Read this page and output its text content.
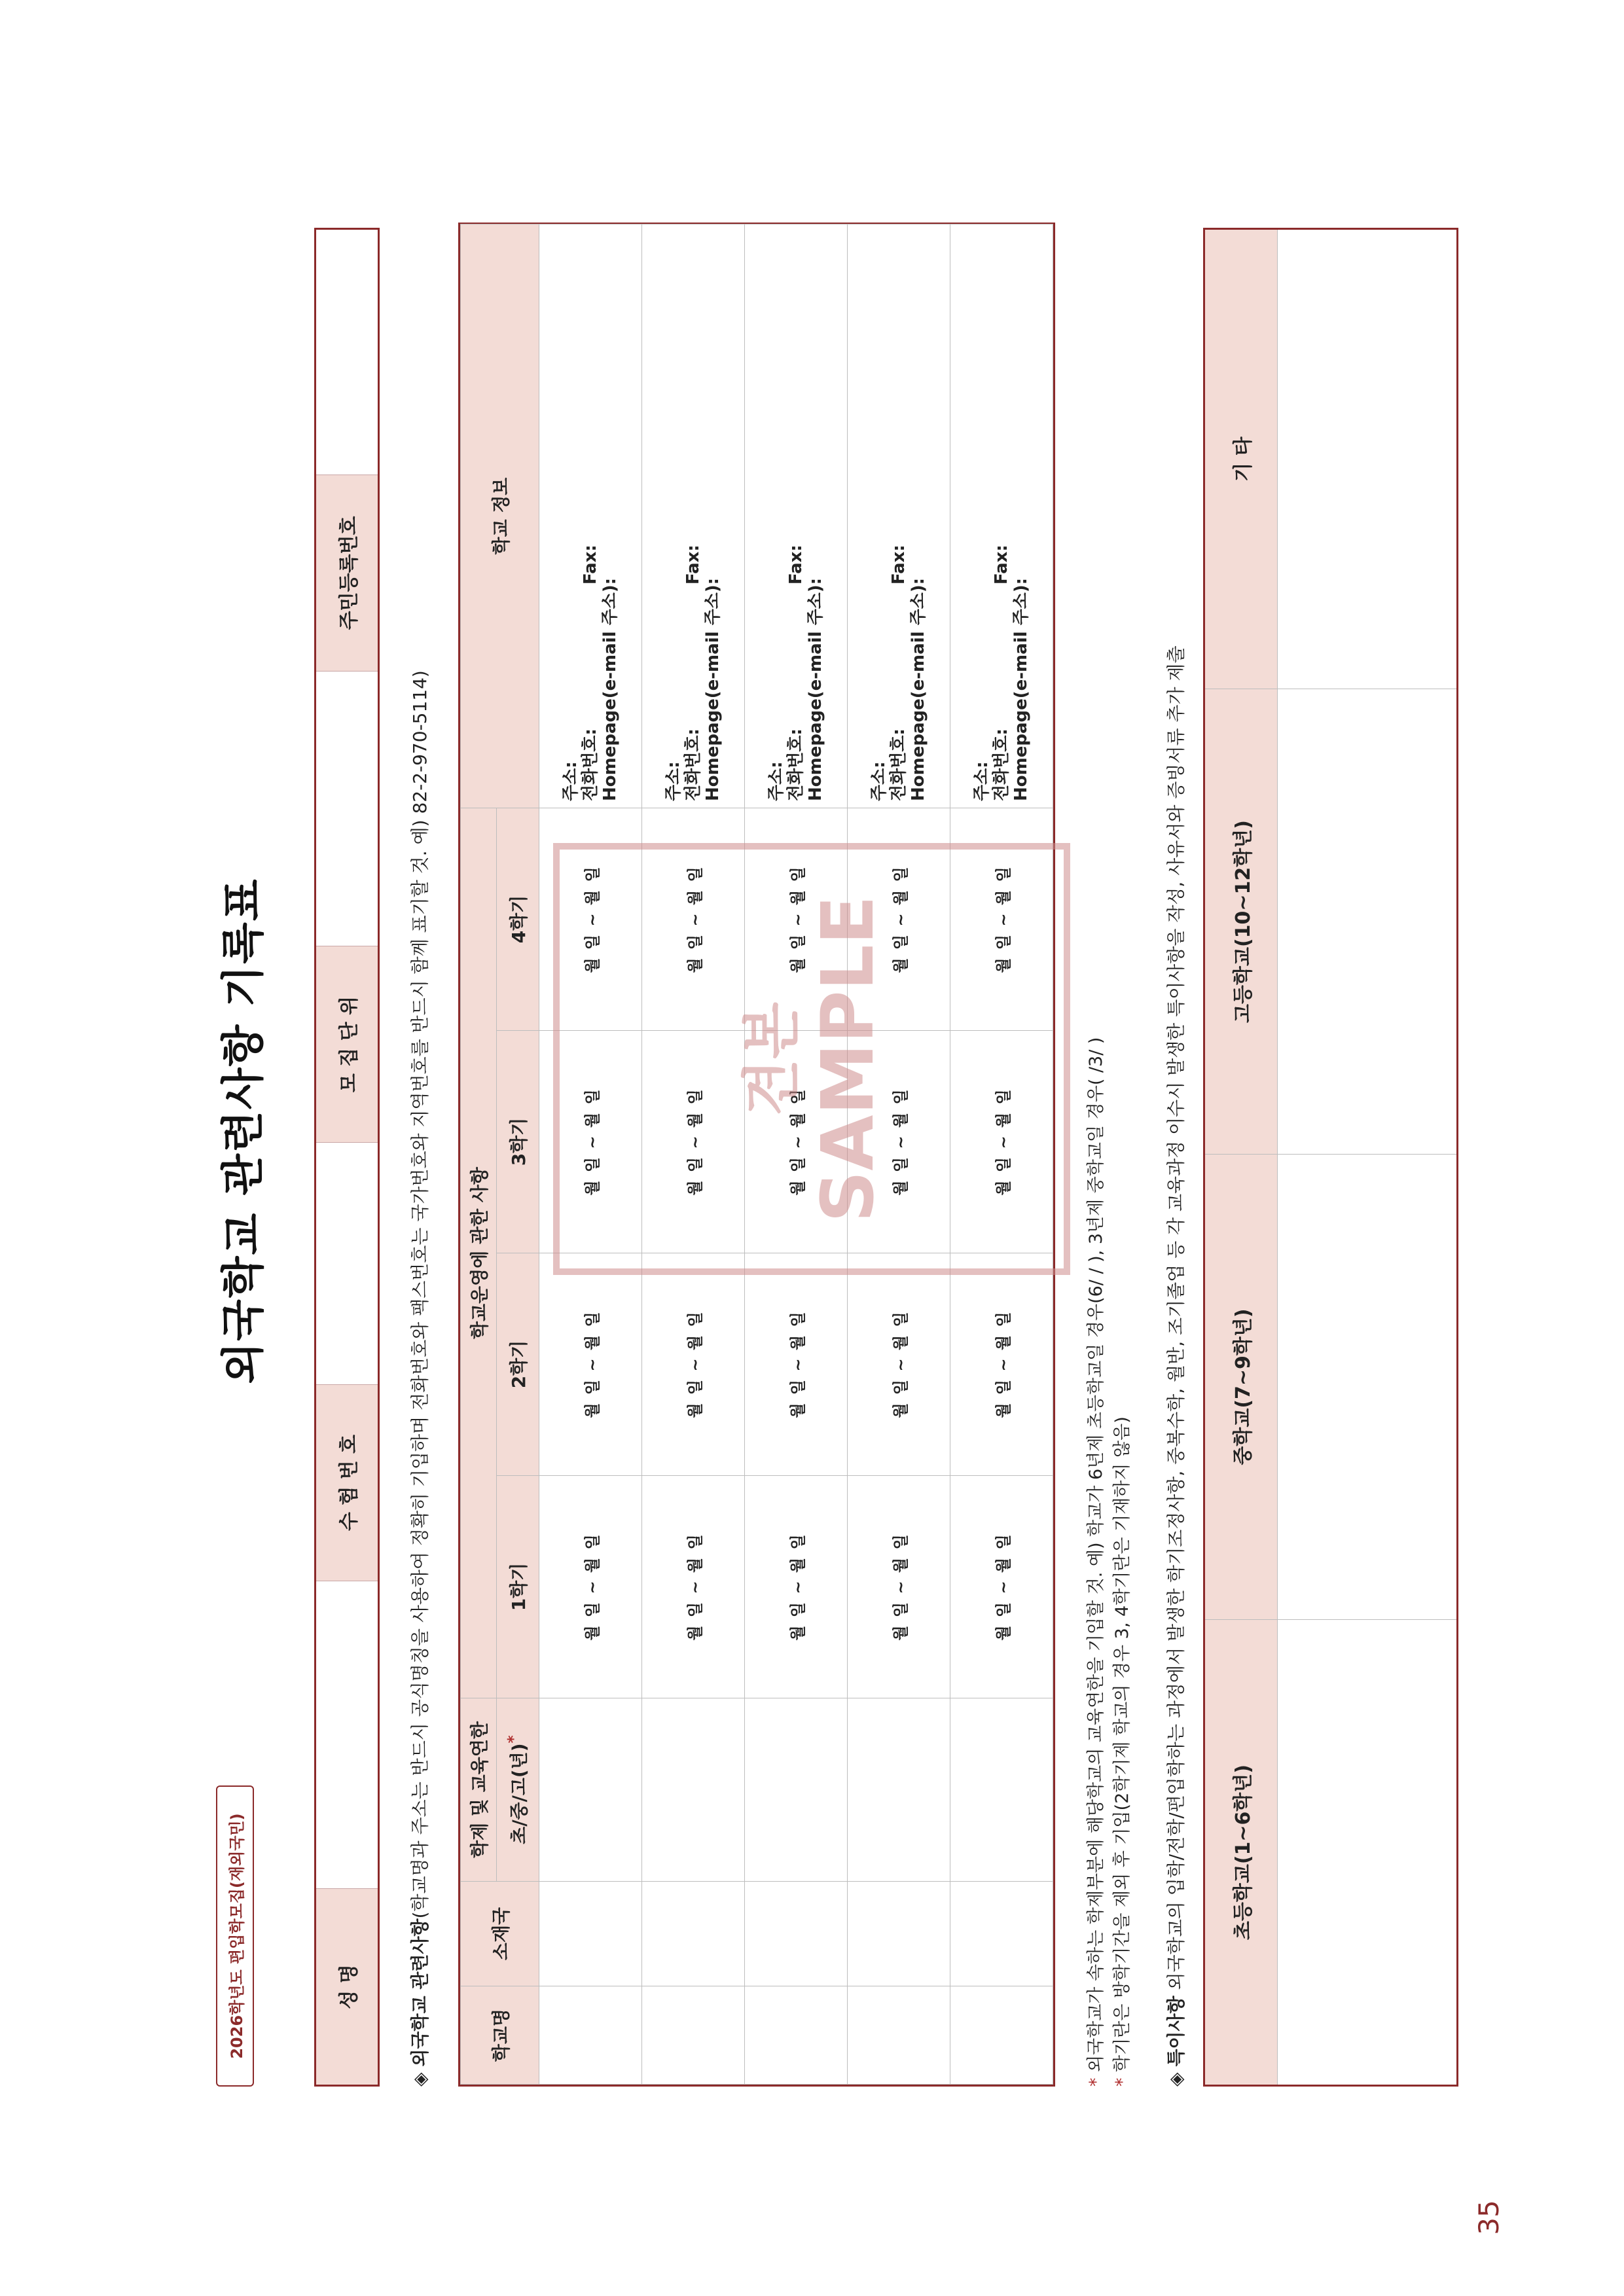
2026학년도 편입학모집(재외국민)
외국학교 관련사항 기록표
성 명
수 험 번 호
모 집 단 위
주민등록번호
◈ 외국학교 관련사항(학교명과 주소는 반드시 공식명칭을 사용하여 정확히 기입하며 전화번호와 팩스번호는 국가번호와 지역번호를 반드시 함께 표기할 것. 예) 82-2-970-5114)
학교명	소재국	학제 및 교육연한	학교운영에 관한 사항				학교 정보
		초/중/고(년)*	1학기	2학기	3학기	4학기	
			월 일 ~ 월 일	월 일 ~ 월 일	월 일 ~ 월 일	월 일 ~ 월 일	주소: 전화번호:Fax:
Homepage(e-mail 주소):

			월 일 ~ 월 일	월 일 ~ 월 일	월 일 ~ 월 일	월 일 ~ 월 일	주소: 전화번호:Fax:
Homepage(e-mail 주소):

			월 일 ~ 월 일	월 일 ~ 월 일	월 일 ~ 월 일	월 일 ~ 월 일	주소: 전화번호:Fax:
Homepage(e-mail 주소):

			월 일 ~ 월 일	월 일 ~ 월 일	월 일 ~ 월 일	월 일 ~ 월 일	주소: 전화번호:Fax:
Homepage(e-mail 주소):

			월 일 ~ 월 일	월 일 ~ 월 일	월 일 ~ 월 일	월 일 ~ 월 일	주소: 전화번호:Fax:
Homepage(e-mail 주소):
견본 SAMPLE
* 외국학교가 속하는 학제부분에 해당학교의 교육연한을 기입할 것. 예) 학교가 6년제 초등학교일 경우(6/ / ), 3년제 중학교일 경우( /3/ )
* 학기란은 방학기간을 제외 후 기입(2학기제 학교의 경우 3, 4학기란은 기재하지 않음)
◈ 특이사항 외국학교의 입학/전학/편입학하는 과정에서 발생한 학기조정사항, 중복수학, 월반, 조기졸업 등 각 교육과정 이수시 발생한 특이사항을 작성, 사유서와 증빙서류 추가 제출	초등학교(1~6학년)
중학교(7~9학년)
고등학교(10~12학년)
기 타
35
